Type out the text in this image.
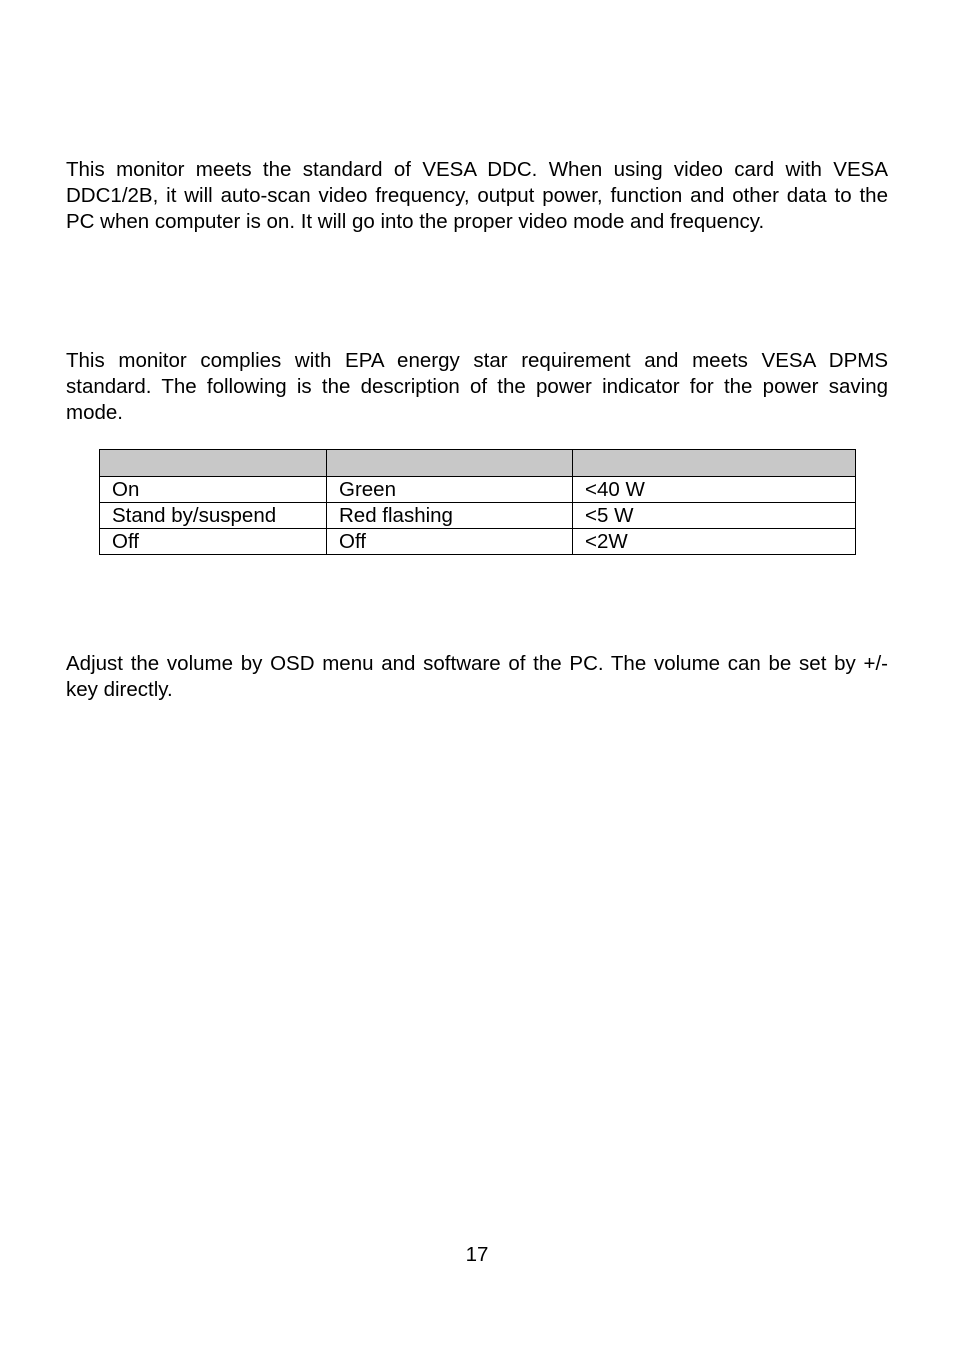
This monitor meets the standard of VESA DDC. When using video card with VESA DDC1/2B, it will auto-scan video frequency, output power, function and other data to the PC when computer is on. It will go into the proper video mode and frequency.

This monitor complies with EPA energy star requirement and meets VESA DPMS standard. The following is the description of the power indicator for the power saving mode.

On	Green	<40 W
Stand by/suspend	Red flashing	<5 W
Off	Off	<2W

Adjust the volume by OSD menu and software of the PC. The volume can be set by +/- key directly.

17
